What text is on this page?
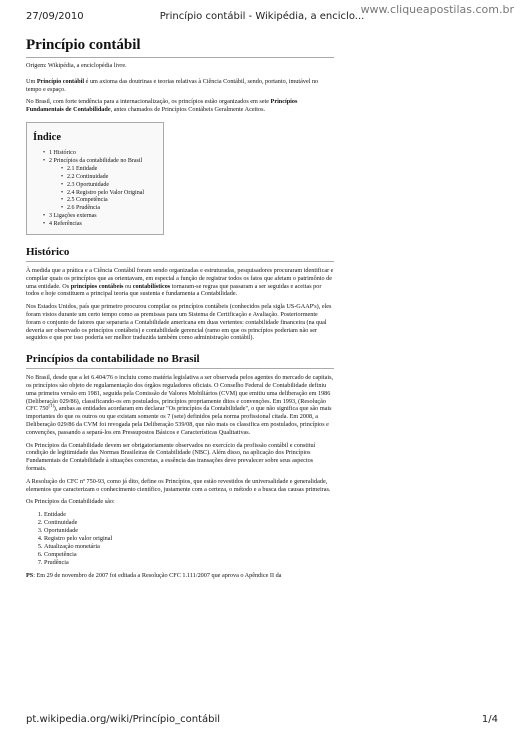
www.cliqueapostilas.com.br
27/09/2010	Princípio contábil - Wikipédia, a enciclo...
Princípio contábil

Origem: Wikipédia, a enciclopédia livre.

Um Princípio contábil é um axioma das doutrinas e teorias relativas à Ciência Contábil, sendo, portanto, imutável no tempo e espaço.

No Brasil, com forte tendência para a internacionalização, os princípios estão organizados em sete Princípios Fundamentais de Contabilidade, antes chamados de Princípios Contábeis Geralmente Aceitos.

Índice
• 1 Histórico
• 2 Princípios da contabilidade no Brasil
• 2.1 Entidade
• 2.2 Continuidade
• 2.3 Oportunidade
• 2.4 Registro pelo Valor Original
• 2.5 Competência
• 2.6 Prudência
• 3 Ligações externas
• 4 Referências
Histórico

À medida que a prática e a Ciência Contábil foram sendo organizadas e estruturadas, pesquisadores procuraram identificar e compilar quais os princípios que as orientavam, em especial a função de registrar todos os fatos que afetam o patrimônio de uma entidade. Os princípios contábeis ou contabilísticos tornaram-se regras que passaram a ser seguidas e aceitas por todos e hoje constituem a principal teoria que sustenta e fundamenta a Contabilidade.

Nos Estados Unidos, país que primeiro procurou compilar os princípios contábeis (conhecidos pela sigla US-GAAP's), eles foram vistos durante um certo tempo como as premissas para um Sistema de Certificação e Avaliação. Posteriormente foram o conjunto de fatores que separaria a Contabilidade americana em duas vertentes: contabilidade financeira (na qual deveria ser observado os princípios contábeis) e contabilidade gerencial (ramo em que os princípios poderiam não ser seguidos e que por isso poderia ser melhor traduzida também como administração contábil).

Princípios da contabilidade no Brasil

No Brasil, desde que a lei 6.404/76 o incluiu como matéria legislativa a ser observada pelos agentes do mercado de capitais, os princípios são objeto de regulamentação dos órgãos reguladores oficiais. O Conselho Federal de Contabilidade definiu uma primeira versão em 1981, seguida pela Comissão de Valores Mobiliários (CVM) que emitiu uma deliberação em 1986 (Deliberação 029/86), classificando-os em postulados, princípios propriamente ditos e convenções. Em 1993, (Resolução CFC 750[1]), ambas as entidades acordaram em declarar "Os princípios da Contabilidade", o que não significa que são mais importantes do que os outros ou que existam somente os 7 (sete) definidos pela norma profissional citada. Em 2008, a Deliberação 029/86 da CVM foi revogada pela Deliberação 539/08, que não mais os classifica em postulados, princípios e convenções, passando a separá-los em Pressupostos Básicos e Características Qualitativas.

Os Princípios da Contabilidade devem ser obrigatoriamente observados no exercício da profissão contábil e constituí condição de legitimidade das Normas Brasileiras de Contabilidade (NBC). Além disso, na aplicação dos Princípios Fundamentais de Contabilidade à situações concretas, a essência das transações deve prevalecer sobre seus aspectos formais.

A Resolução do CFC nº 750-93, como já dito, define os Princípios, que estão revestidos de universalidade e generalidade, elementos que caracterizam o conhecimento científico, justamente com a certeza, o método e a busca das causas primeiras.

Os Princípios da Contabilidade são:

1. Entidade
2. Continuidade
3. Oportunidade
4. Registro pelo valor original
5. Atualização monetária
6. Competência
7. Prudência

PS: Em 29 de novembro de 2007 foi editada a Resolução CFC 1.111/2007 que aprova o Apêndice II da

pt.wikipedia.org/wiki/Princípio_contábil	1/4
